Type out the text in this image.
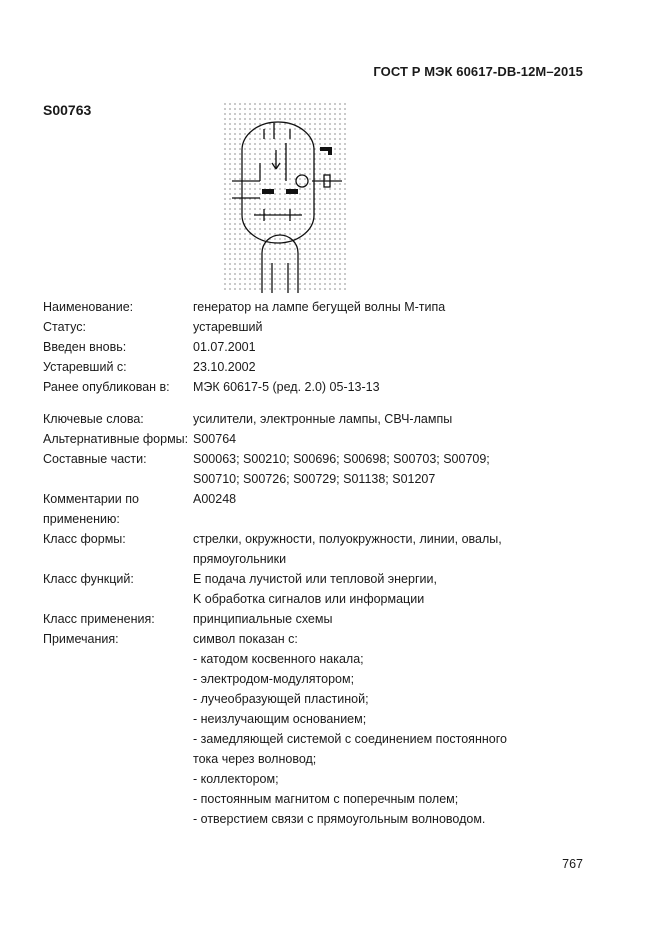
ГОСТ Р МЭК 60617-DB-12M–2015
S00763
Наименование:	генератор на лампе бегущей волны М-типа
Статус:	устаревший
Введен вновь:	01.07.2001
Устаревший с:	23.10.2002
Ранее опубликован в:	МЭК 60617-5 (ред. 2.0) 05-13-13
Ключевые слова:	усилители, электронные лампы, СВЧ-лампы
Альтернативные формы: S00764
Составные части:	S00063; S00210; S00696; S00698; S00703; S00709;
S00710; S00726; S00729; S01138; S01207
Комментарии по применению:
A00248
Класс формы:	стрелки, окружности, полуокружности, линии, овалы,
прямоугольники
Класс функций:	E подача лучистой или тепловой энергии,
K обработка сигналов или информации
Класс применения:	принципиальные схемы
Примечания:	символ показан с:
- катодом косвенного накала;
- электродом-модулятором;
- лучеобразующей пластиной;
- неизлучающим основанием;
- замедляющей системой с соединением постоянного
тока через волновод;
- коллектором;
- постоянным магнитом с поперечным полем;
- отверстием связи с прямоугольным волноводом.
767
